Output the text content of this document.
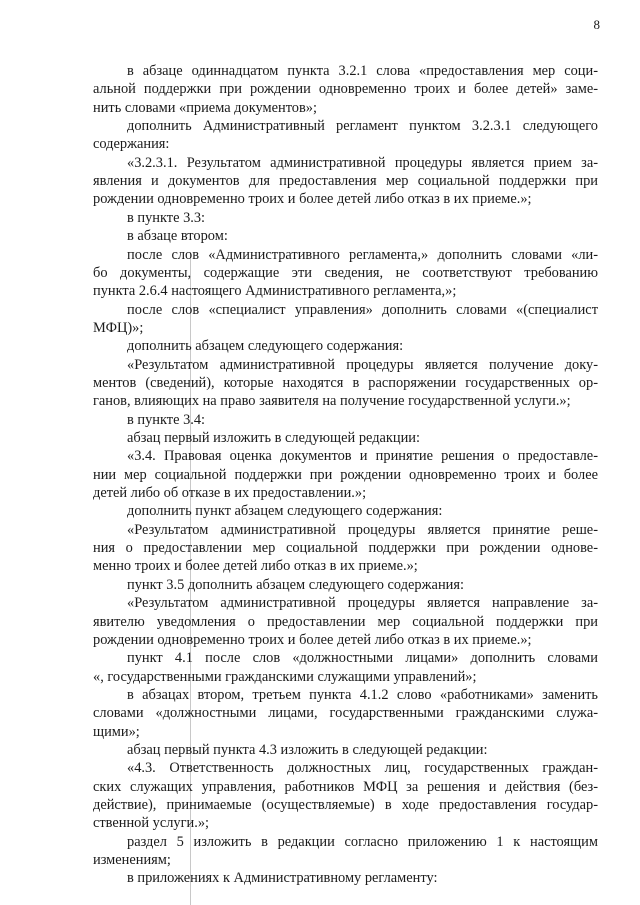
8
в абзаце одиннадцатом пункта 3.2.1 слова «предоставления мер соци-
альной поддержки при рождении одновременно троих и более детей» заме-
нить словами «приема документов»;
дополнить Административный регламент пунктом 3.2.3.1 следующего
содержания:
«3.2.3.1. Результатом административной процедуры является прием за-
явления и документов для предоставления мер социальной поддержки при
рождении одновременно троих и более детей либо отказ в их приеме.»;
в пункте 3.3:
в абзаце втором:
после слов «Административного регламента,» дополнить словами «ли-
бо документы, содержащие эти сведения, не соответствуют требованию
пункта 2.6.4 настоящего Административного регламента,»;
после слов «специалист управления» дополнить словами «(специалист
МФЦ)»;
дополнить абзацем следующего содержания:
«Результатом административной процедуры является получение доку-
ментов (сведений), которые находятся в распоряжении государственных ор-
ганов, влияющих на право заявителя на получение государственной услуги.»;
в пункте 3.4:
абзац первый изложить в следующей редакции:
«3.4. Правовая оценка документов и принятие решения о предоставле-
нии мер социальной поддержки при рождении одновременно троих и более
детей либо об отказе в их предоставлении.»;
дополнить пункт абзацем следующего содержания:
«Результатом административной процедуры является принятие реше-
ния о предоставлении мер социальной поддержки при рождении однове-
менно троих и более детей либо отказ в их приеме.»;
пункт 3.5 дополнить абзацем следующего содержания:
«Результатом административной процедуры является направление за-
явителю уведомления о предоставлении мер социальной поддержки при
рождении одновременно троих и более детей либо отказ в их приеме.»;
пункт 4.1 после слов «должностными лицами» дополнить словами
«, государственными гражданскими служащими управлений»;
в абзацах втором, третьем пункта 4.1.2 слово «работниками» заменить
словами «должностными лицами, государственными гражданскими служа-
щими»;
абзац первый пункта 4.3 изложить в следующей редакции:
«4.3. Ответственность должностных лиц, государственных граждан-
ских служащих управления, работников МФЦ за решения и действия (без-
действие), принимаемые (осуществляемые) в ходе предоставления государ-
ственной услуги.»;
раздел 5 изложить в редакции согласно приложению 1 к настоящим
изменениям;
в приложениях к Административному регламенту:
